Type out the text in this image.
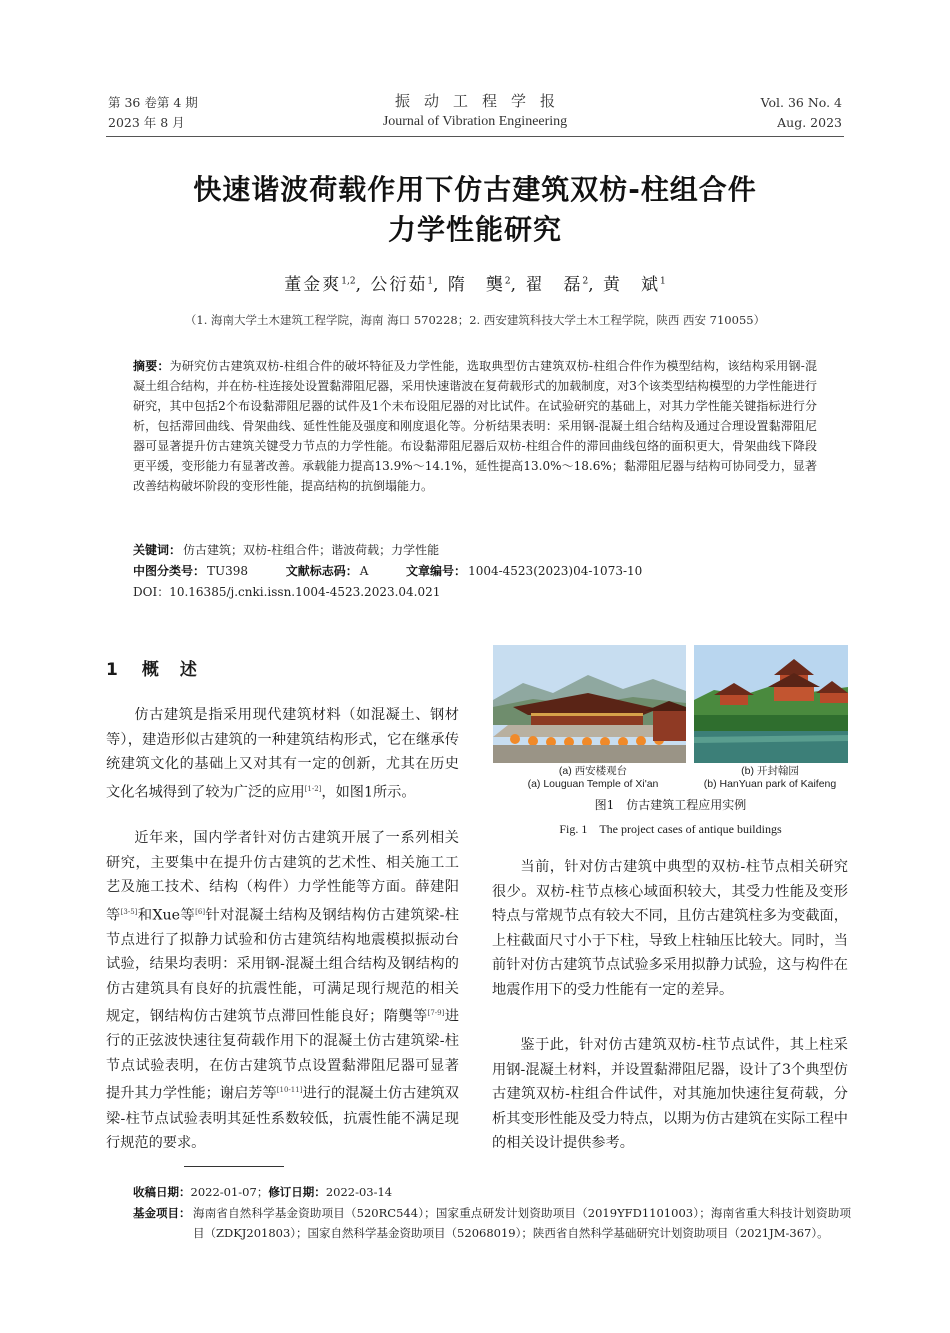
第 36 卷第 4 期
2023 年 8 月
振动工程学报
Journal of Vibration Engineering
Vol. 36 No. 4
Aug. 2023
快速谐波荷载作用下仿古建筑双枋-柱组合件
力学性能研究
董金爽$^{1,2}$, 公衍茹$^1$, 隋　龑$^2$, 翟　磊$^2$, 黄　斌$^1$
（1. 海南大学土木建筑工程学院，海南 海口 570228；2. 西安建筑科技大学土木工程学院，陕西 西安 710055）
摘要：为研究仿古建筑双枋-柱组合件的破坏特征及力学性能，选取典型仿古建筑双枋-柱组合件作为模型结构，该结构采用钢-混凝土组合结构，并在枋-柱连接处设置黏滞阻尼器，采用快速谐波在复荷载形式的加载制度，对3个该类型结构模型的力学性能进行研究，其中包括2个布设黏滞阻尼器的试件及1个未布设阻尼器的对比试件。在试验研究的基础上，对其力学性能关键指标进行分析，包括滞回曲线、骨架曲线、延性性能及强度和刚度退化等。分析结果表明：采用钢-混凝土组合结构及通过合理设置黏滞阻尼器可显著提升仿古建筑关键受力节点的力学性能。布设黏滞阻尼器后双枋-柱组合件的滞回曲线包络的面积更大，骨架曲线下降段更平缓，变形能力有显著改善。承载能力提高13.9%～14.1%，延性提高13.0%～18.6%；黏滞阻尼器与结构可协同受力，显著改善结构破坏阶段的变形性能，提高结构的抗倒塌能力。
关键词： 仿古建筑；双枋-柱组合件；谐波荷载；力学性能
中图分类号： TU398	文献标志码： A	文章编号： 1004-4523(2023)04-1073-10
DOI：10.16385/j.cnki.issn.1004-4523.2023.04.021
1 概　述
仿古建筑是指采用现代建筑材料（如混凝土、钢材等），建造形似古建筑的一种建筑结构形式，它在继承传统建筑文化的基础上又对其有一定的创新，尤其在历史文化名城得到了较为广泛的应用[1-2]，如图1所示。
近年来，国内学者针对仿古建筑开展了一系列相关研究，主要集中在提升仿古建筑的艺术性、相关施工工艺及施工技术、结构（构件）力学性能等方面。薛建阳等[3-5]和Xue等[6]针对混凝土结构及钢结构仿古建筑梁-柱节点进行了拟静力试验和仿古建筑结构地震模拟振动台试验，结果均表明：采用钢-混凝土组合结构及钢结构的仿古建筑具有良好的抗震性能，可满足现行规范的相关规定，钢结构仿古建筑节点滞回性能良好；隋龑等[7-9]进行的正弦波快速往复荷载作用下的混凝土仿古建筑梁-柱节点试验表明，在仿古建筑节点设置黏滞阻尼器可显著提升其力学性能；谢启芳等[10-11]进行的混凝土仿古建筑双梁-柱节点试验表明其延性系数较低，抗震性能不满足现行规范的要求。
(a) 西安楼观台
(a) Louguan Temple of Xi'an
(b) 开封翰园
(b) HanYuan park of Kaifeng
图1　仿古建筑工程应用实例
Fig. 1　The project cases of antique buildings
当前，针对仿古建筑中典型的双枋-柱节点相关研究很少。双枋-柱节点核心域面积较大，其受力性能及变形特点与常规节点有较大不同，且仿古建筑柱多为变截面，上柱截面尺寸小于下柱，导致上柱轴压比较大。同时，当前针对仿古建筑节点试验多采用拟静力试验，这与构件在地震作用下的受力性能有一定的差异。
鉴于此，针对仿古建筑双枋-柱节点试件，其上柱采用钢-混凝土材料，并设置黏滞阻尼器，设计了3个典型仿古建筑双枋-柱组合件试件，对其施加快速往复荷载，分析其变形性能及受力特点，以期为仿古建筑在实际工程中的相关设计提供参考。
收稿日期：2022-01-07；修订日期：2022-03-14
基金项目： 海南省自然科学基金资助项目（520RC544）；国家重点研发计划资助项目（2019YFD1101003）；海南省重大科技计划资助项目（ZDKJ201803）；国家自然科学基金资助项目（52068019）；陕西省自然科学基础研究计划资助项目（2021JM-367）。
